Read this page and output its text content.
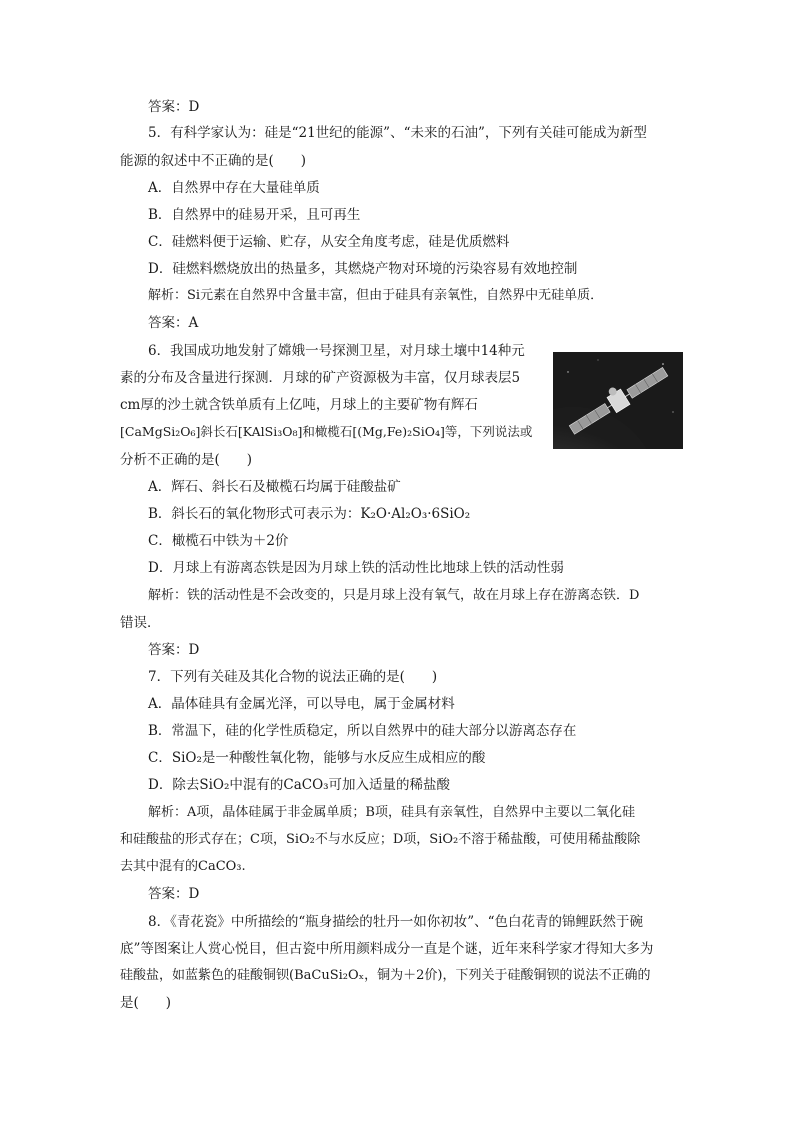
答案：D
5．有科学家认为：硅是“21世纪的能源”、“未来的石油”，下列有关硅可能成为新型
能源的叙述中不正确的是(　　)
A．自然界中存在大量硅单质
B．自然界中的硅易开采，且可再生
C．硅燃料便于运输、贮存，从安全角度考虑，硅是优质燃料
D．硅燃料燃烧放出的热量多，其燃烧产物对环境的污染容易有效地控制
解析：Si元素在自然界中含量丰富，但由于硅具有亲氧性，自然界中无硅单质．
答案：A
6．我国成功地发射了嫦娥一号探测卫星，对月球土壤中14种元
素的分布及含量进行探测．月球的矿产资源极为丰富，仅月球表层5
cm厚的沙土就含铁单质有上亿吨，月球上的主要矿物有辉石
[CaMgSi₂O₆]斜长石[KAlSi₃O₈]和橄榄石[(Mg,Fe)₂SiO₄]等，下列说法或
分析不正确的是(　　)
A．辉石、斜长石及橄榄石均属于硅酸盐矿
B．斜长石的氧化物形式可表示为：K₂O·Al₂O₃·6SiO₂
C．橄榄石中铁为＋2价
D．月球上有游离态铁是因为月球上铁的活动性比地球上铁的活动性弱
解析：铁的活动性是不会改变的，只是月球上没有氧气，故在月球上存在游离态铁．D
错误．
答案：D
7．下列有关硅及其化合物的说法正确的是(　　)
A．晶体硅具有金属光泽，可以导电，属于金属材料
B．常温下，硅的化学性质稳定，所以自然界中的硅大部分以游离态存在
C．SiO₂是一种酸性氧化物，能够与水反应生成相应的酸
D．除去SiO₂中混有的CaCO₃可加入适量的稀盐酸
解析：A项，晶体硅属于非金属单质；B项，硅具有亲氧性，自然界中主要以二氧化硅
和硅酸盐的形式存在；C项，SiO₂不与水反应；D项，SiO₂不溶于稀盐酸，可使用稀盐酸除
去其中混有的CaCO₃.
答案：D
8．《青花瓷》中所描绘的“瓶身描绘的牡丹一如你初妆”、“色白花青的锦鲤跃然于碗
底”等图案让人赏心悦目，但古瓷中所用颜料成分一直是个谜，近年来科学家才得知大多为
硅酸盐，如蓝紫色的硅酸铜钡(BaCuSi₂Oₓ，铜为＋2价)，下列关于硅酸铜钡的说法不正确的
是(　　)
